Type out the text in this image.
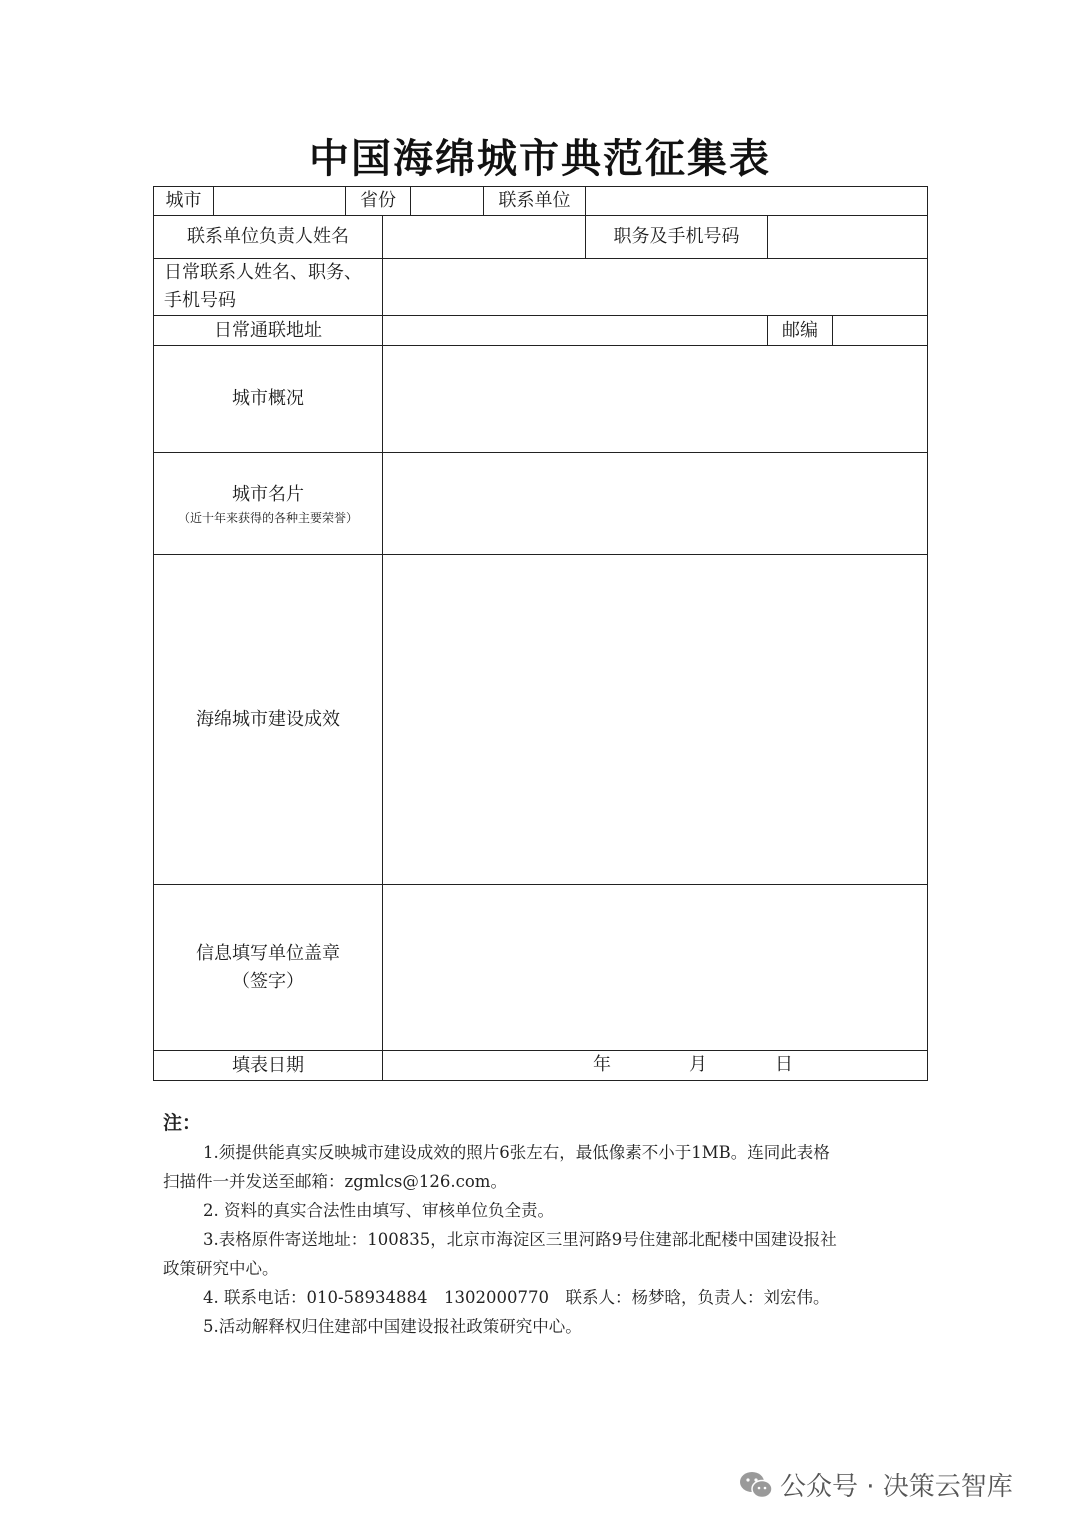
中国海绵城市典范征集表
城市		省份			联系单位			
联系单位负责人姓名						职务及手机号码		

日常联系人姓名、职务、
手机号码								

日常通联地址							邮编	
城市概况								

城市名片
（近十年来获得的各种主要荣誉）								

海绵城市建设成效								

信息填写单位盖章
（签字）								

填表日期			年 月 日					

注：

1.须提供能真实反映城市建设成效的照片6张左右，最低像素不小于1MB。连同此表格

扫描件一并发送至邮箱：zgmlcs@126.com。

2. 资料的真实合法性由填写、审核单位负全责。

3.表格原件寄送地址：100835，北京市海淀区三里河路9号住建部北配楼中国建设报社

政策研究中心。

4. 联系电话：010-58934884　1302000770　联系人：杨梦晗，负责人：刘宏伟。

5.活动解释权归住建部中国建设报社政策研究中心。

公众号 · 决策云智库
